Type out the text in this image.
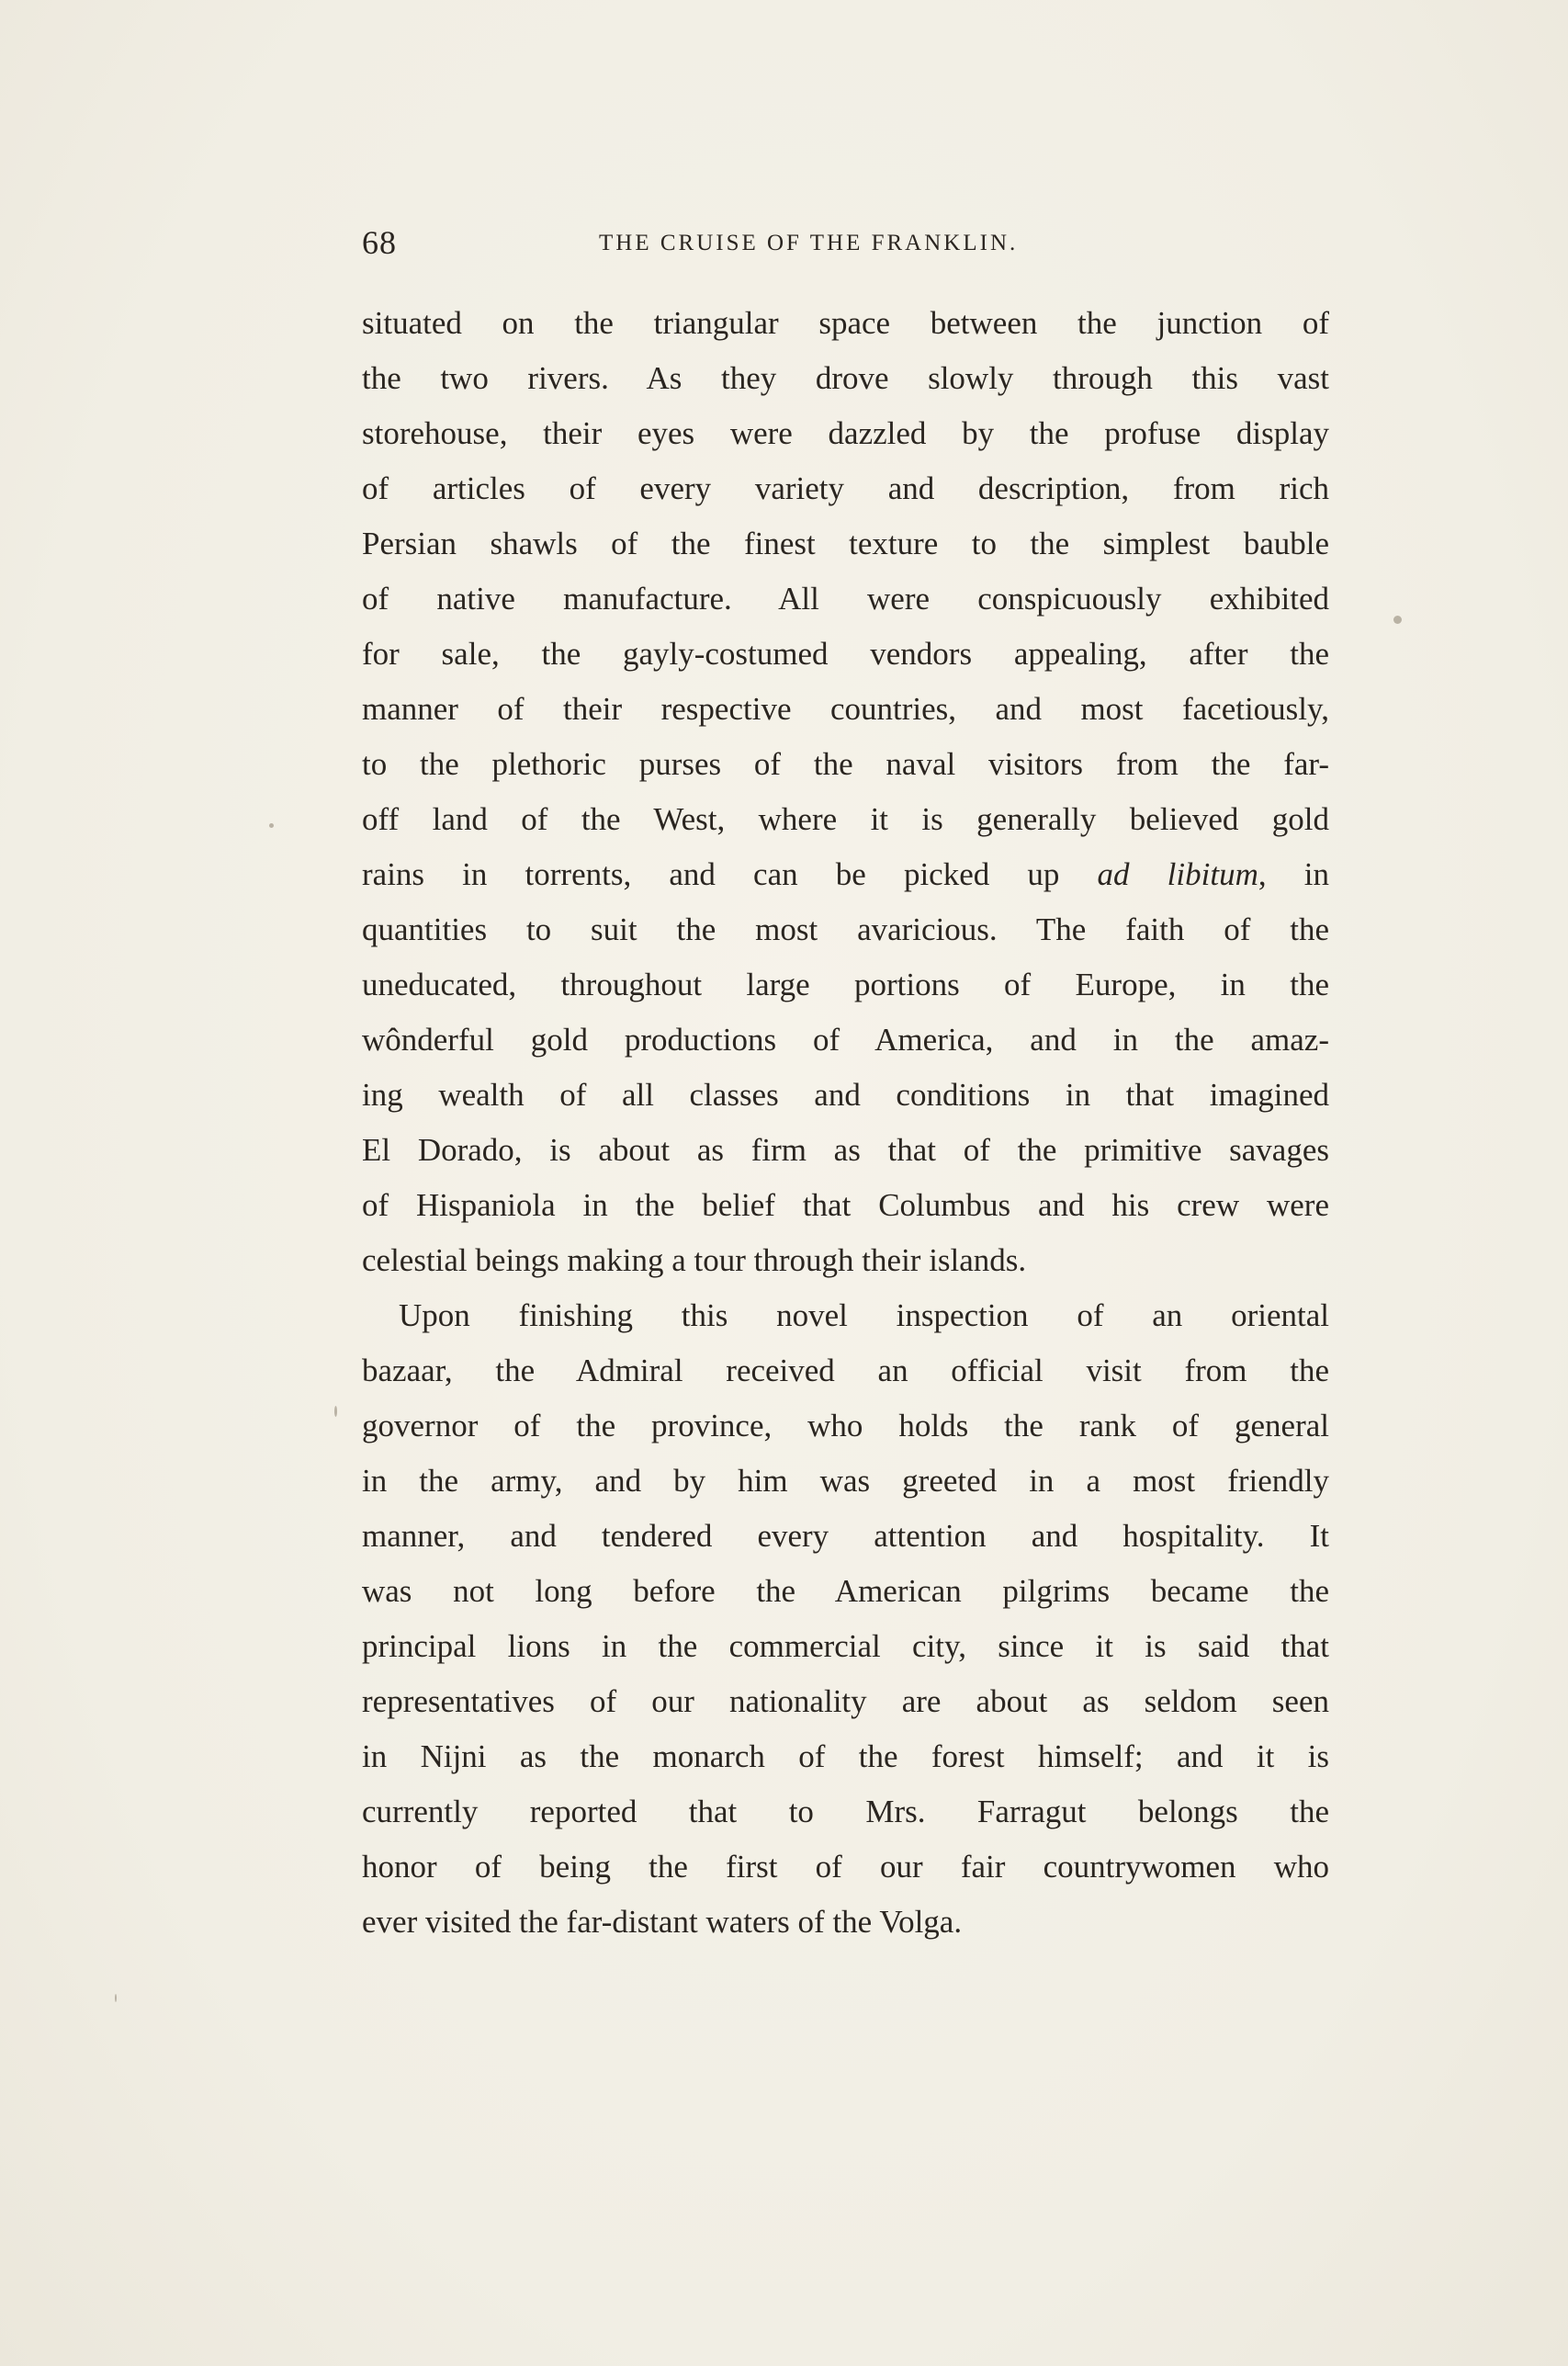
68	THE CRUISE OF THE FRANKLIN.
situated on the triangular space between the junction of
the two rivers. As they drove slowly through this vast
storehouse, their eyes were dazzled by the profuse display
of articles of every variety and description, from rich
Persian shawls of the finest texture to the simplest bauble
of native manufacture. All were conspicuously exhibited
for sale, the gayly-costumed vendors appealing, after the
manner of their respective countries, and most facetiously,
to the plethoric purses of the naval visitors from the far-
off land of the West, where it is generally believed gold
rains in torrents, and can be picked up ad libitum, in
quantities to suit the most avaricious. The faith of the
uneducated, throughout large portions of Europe, in the
wônderful gold productions of America, and in the amaz-
ing wealth of all classes and conditions in that imagined
El Dorado, is about as firm as that of the primitive savages
of Hispaniola in the belief that Columbus and his crew were
celestial beings making a tour through their islands.
Upon finishing this novel inspection of an oriental
bazaar, the Admiral received an official visit from the
governor of the province, who holds the rank of general
in the army, and by him was greeted in a most friendly
manner, and tendered every attention and hospitality. It
was not long before the American pilgrims became the
principal lions in the commercial city, since it is said that
representatives of our nationality are about as seldom seen
in Nijni as the monarch of the forest himself; and it is
currently reported that to Mrs. Farragut belongs the
honor of being the first of our fair countrywomen who
ever visited the far-distant waters of the Volga.
